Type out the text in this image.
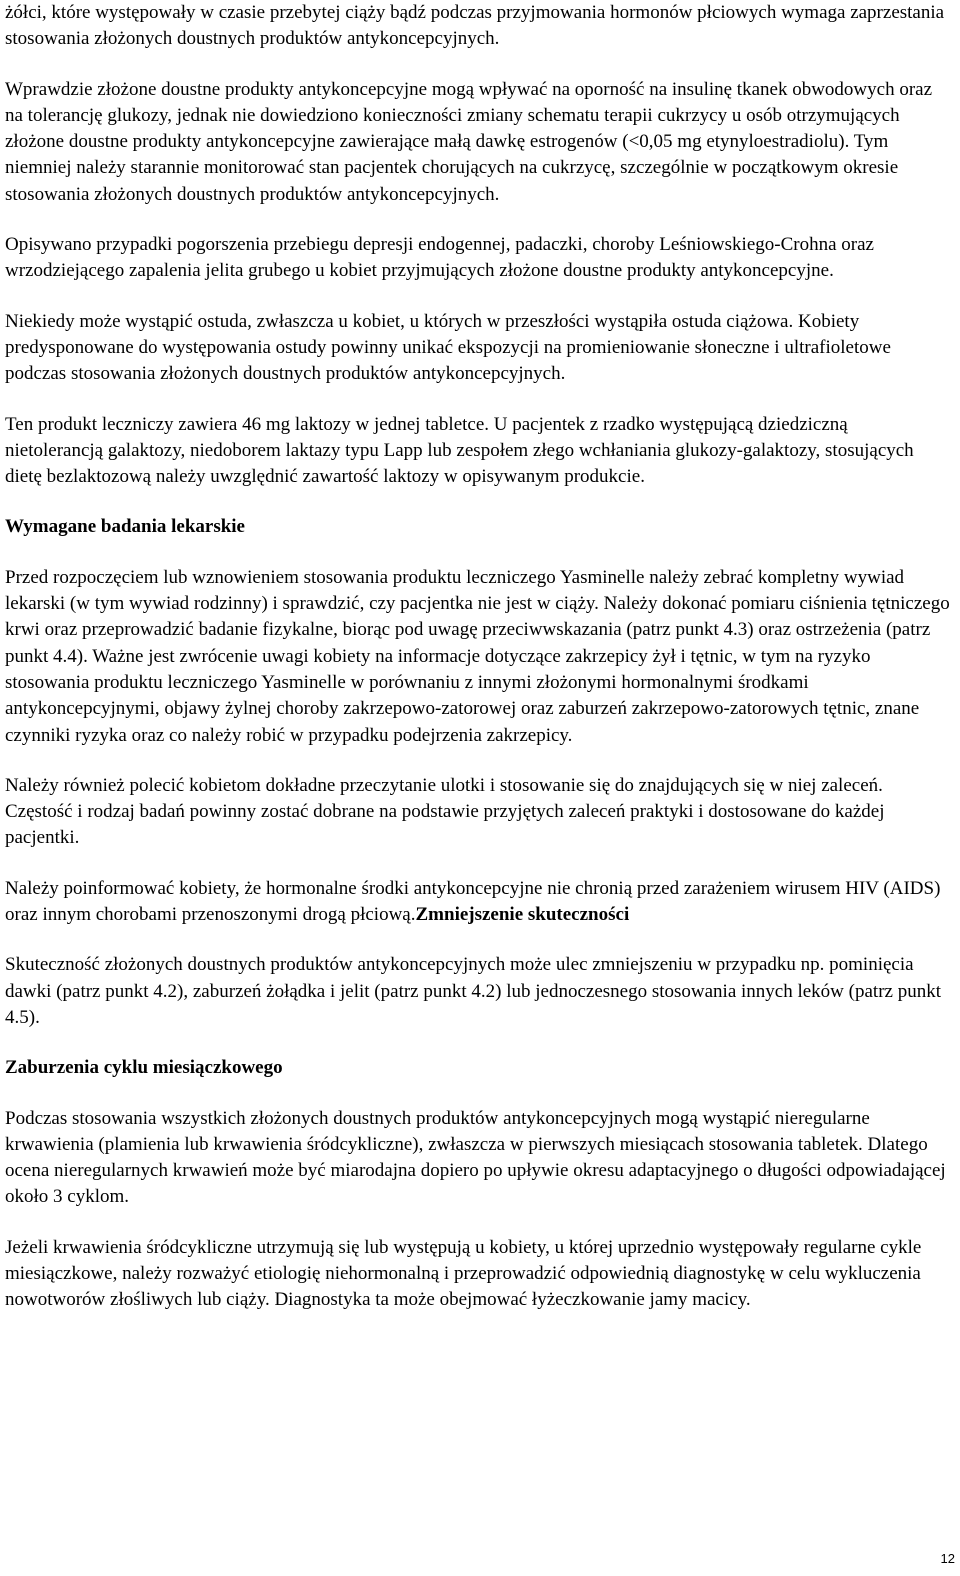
żółci, które występowały w czasie przebytej ciąży bądź podczas przyjmowania hormonów płciowych wymaga zaprzestania stosowania złożonych doustnych produktów antykoncepcyjnych.

Wprawdzie złożone doustne produkty antykoncepcyjne mogą wpływać na oporność na insulinę tkanek obwodowych oraz na tolerancję glukozy, jednak nie dowiedziono konieczności zmiany schematu terapii cukrzycy u osób otrzymujących złożone doustne produkty antykoncepcyjne zawierające małą dawkę estrogenów (<0,05 mg etynyloestradiolu). Tym niemniej należy starannie monitorować stan pacjentek chorujących na cukrzycę, szczególnie w początkowym okresie stosowania złożonych doustnych produktów antykoncepcyjnych.

Opisywano przypadki pogorszenia przebiegu depresji endogennej, padaczki, choroby Leśniowskiego-Crohna oraz wrzodziejącego zapalenia jelita grubego u kobiet przyjmujących złożone doustne produkty antykoncepcyjne.

Niekiedy może wystąpić ostuda, zwłaszcza u kobiet, u których w przeszłości wystąpiła ostuda ciążowa. Kobiety predysponowane do występowania ostudy powinny unikać ekspozycji na promieniowanie słoneczne i ultrafioletowe podczas stosowania złożonych doustnych produktów antykoncepcyjnych.

Ten produkt leczniczy zawiera 46 mg laktozy w jednej tabletce. U pacjentek z rzadko występującą dziedziczną nietolerancją galaktozy, niedoborem laktazy typu Lapp lub zespołem złego wchłaniania glukozy-galaktozy, stosujących dietę bezlaktozową należy uwzględnić zawartość laktozy w opisywanym produkcie.

Wymagane badania lekarskie

Przed rozpoczęciem lub wznowieniem stosowania produktu leczniczego Yasminelle należy zebrać kompletny wywiad lekarski (w tym wywiad rodzinny) i sprawdzić, czy pacjentka nie jest w ciąży. Należy dokonać pomiaru ciśnienia tętniczego krwi oraz przeprowadzić badanie fizykalne, biorąc pod uwagę przeciwwskazania (patrz punkt 4.3) oraz ostrzeżenia (patrz punkt 4.4). Ważne jest zwrócenie uwagi kobiety na informacje dotyczące zakrzepicy żył i tętnic, w tym na ryzyko stosowania produktu leczniczego Yasminelle w porównaniu z innymi złożonymi hormonalnymi środkami antykoncepcyjnymi, objawy żylnej choroby zakrzepowo-zatorowej oraz zaburzeń zakrzepowo-zatorowych tętnic, znane czynniki ryzyka oraz co należy robić w przypadku podejrzenia zakrzepicy.

Należy również polecić kobietom dokładne przeczytanie ulotki i stosowanie się do znajdujących się w niej zaleceń. Częstość i rodzaj badań powinny zostać dobrane na podstawie przyjętych zaleceń praktyki i dostosowane do każdej pacjentki.

Należy poinformować kobiety, że hormonalne środki antykoncepcyjne nie chronią przed zarażeniem wirusem HIV (AIDS) oraz innym chorobami przenoszonymi drogą płciową.Zmniejszenie skuteczności

Skuteczność złożonych doustnych produktów antykoncepcyjnych może ulec zmniejszeniu w przypadku np. pominięcia dawki (patrz punkt 4.2), zaburzeń żołądka i jelit (patrz punkt 4.2) lub jednoczesnego stosowania innych leków (patrz punkt 4.5).

Zaburzenia cyklu miesiączkowego

Podczas stosowania wszystkich złożonych doustnych produktów antykoncepcyjnych mogą wystąpić nieregularne krwawienia (plamienia lub krwawienia śródcykliczne), zwłaszcza w pierwszych miesiącach stosowania tabletek. Dlatego ocena nieregularnych krwawień może być miarodajna dopiero po upływie okresu adaptacyjnego o długości odpowiadającej około 3 cyklom.

Jeżeli krwawienia śródcykliczne utrzymują się lub występują u kobiety, u której uprzednio występowały regularne cykle miesiączkowe, należy rozważyć etiologię niehormonalną i przeprowadzić odpowiednią diagnostykę w celu wykluczenia nowotworów złośliwych lub ciąży. Diagnostyka ta może obejmować łyżeczkowanie jamy macicy.

12
